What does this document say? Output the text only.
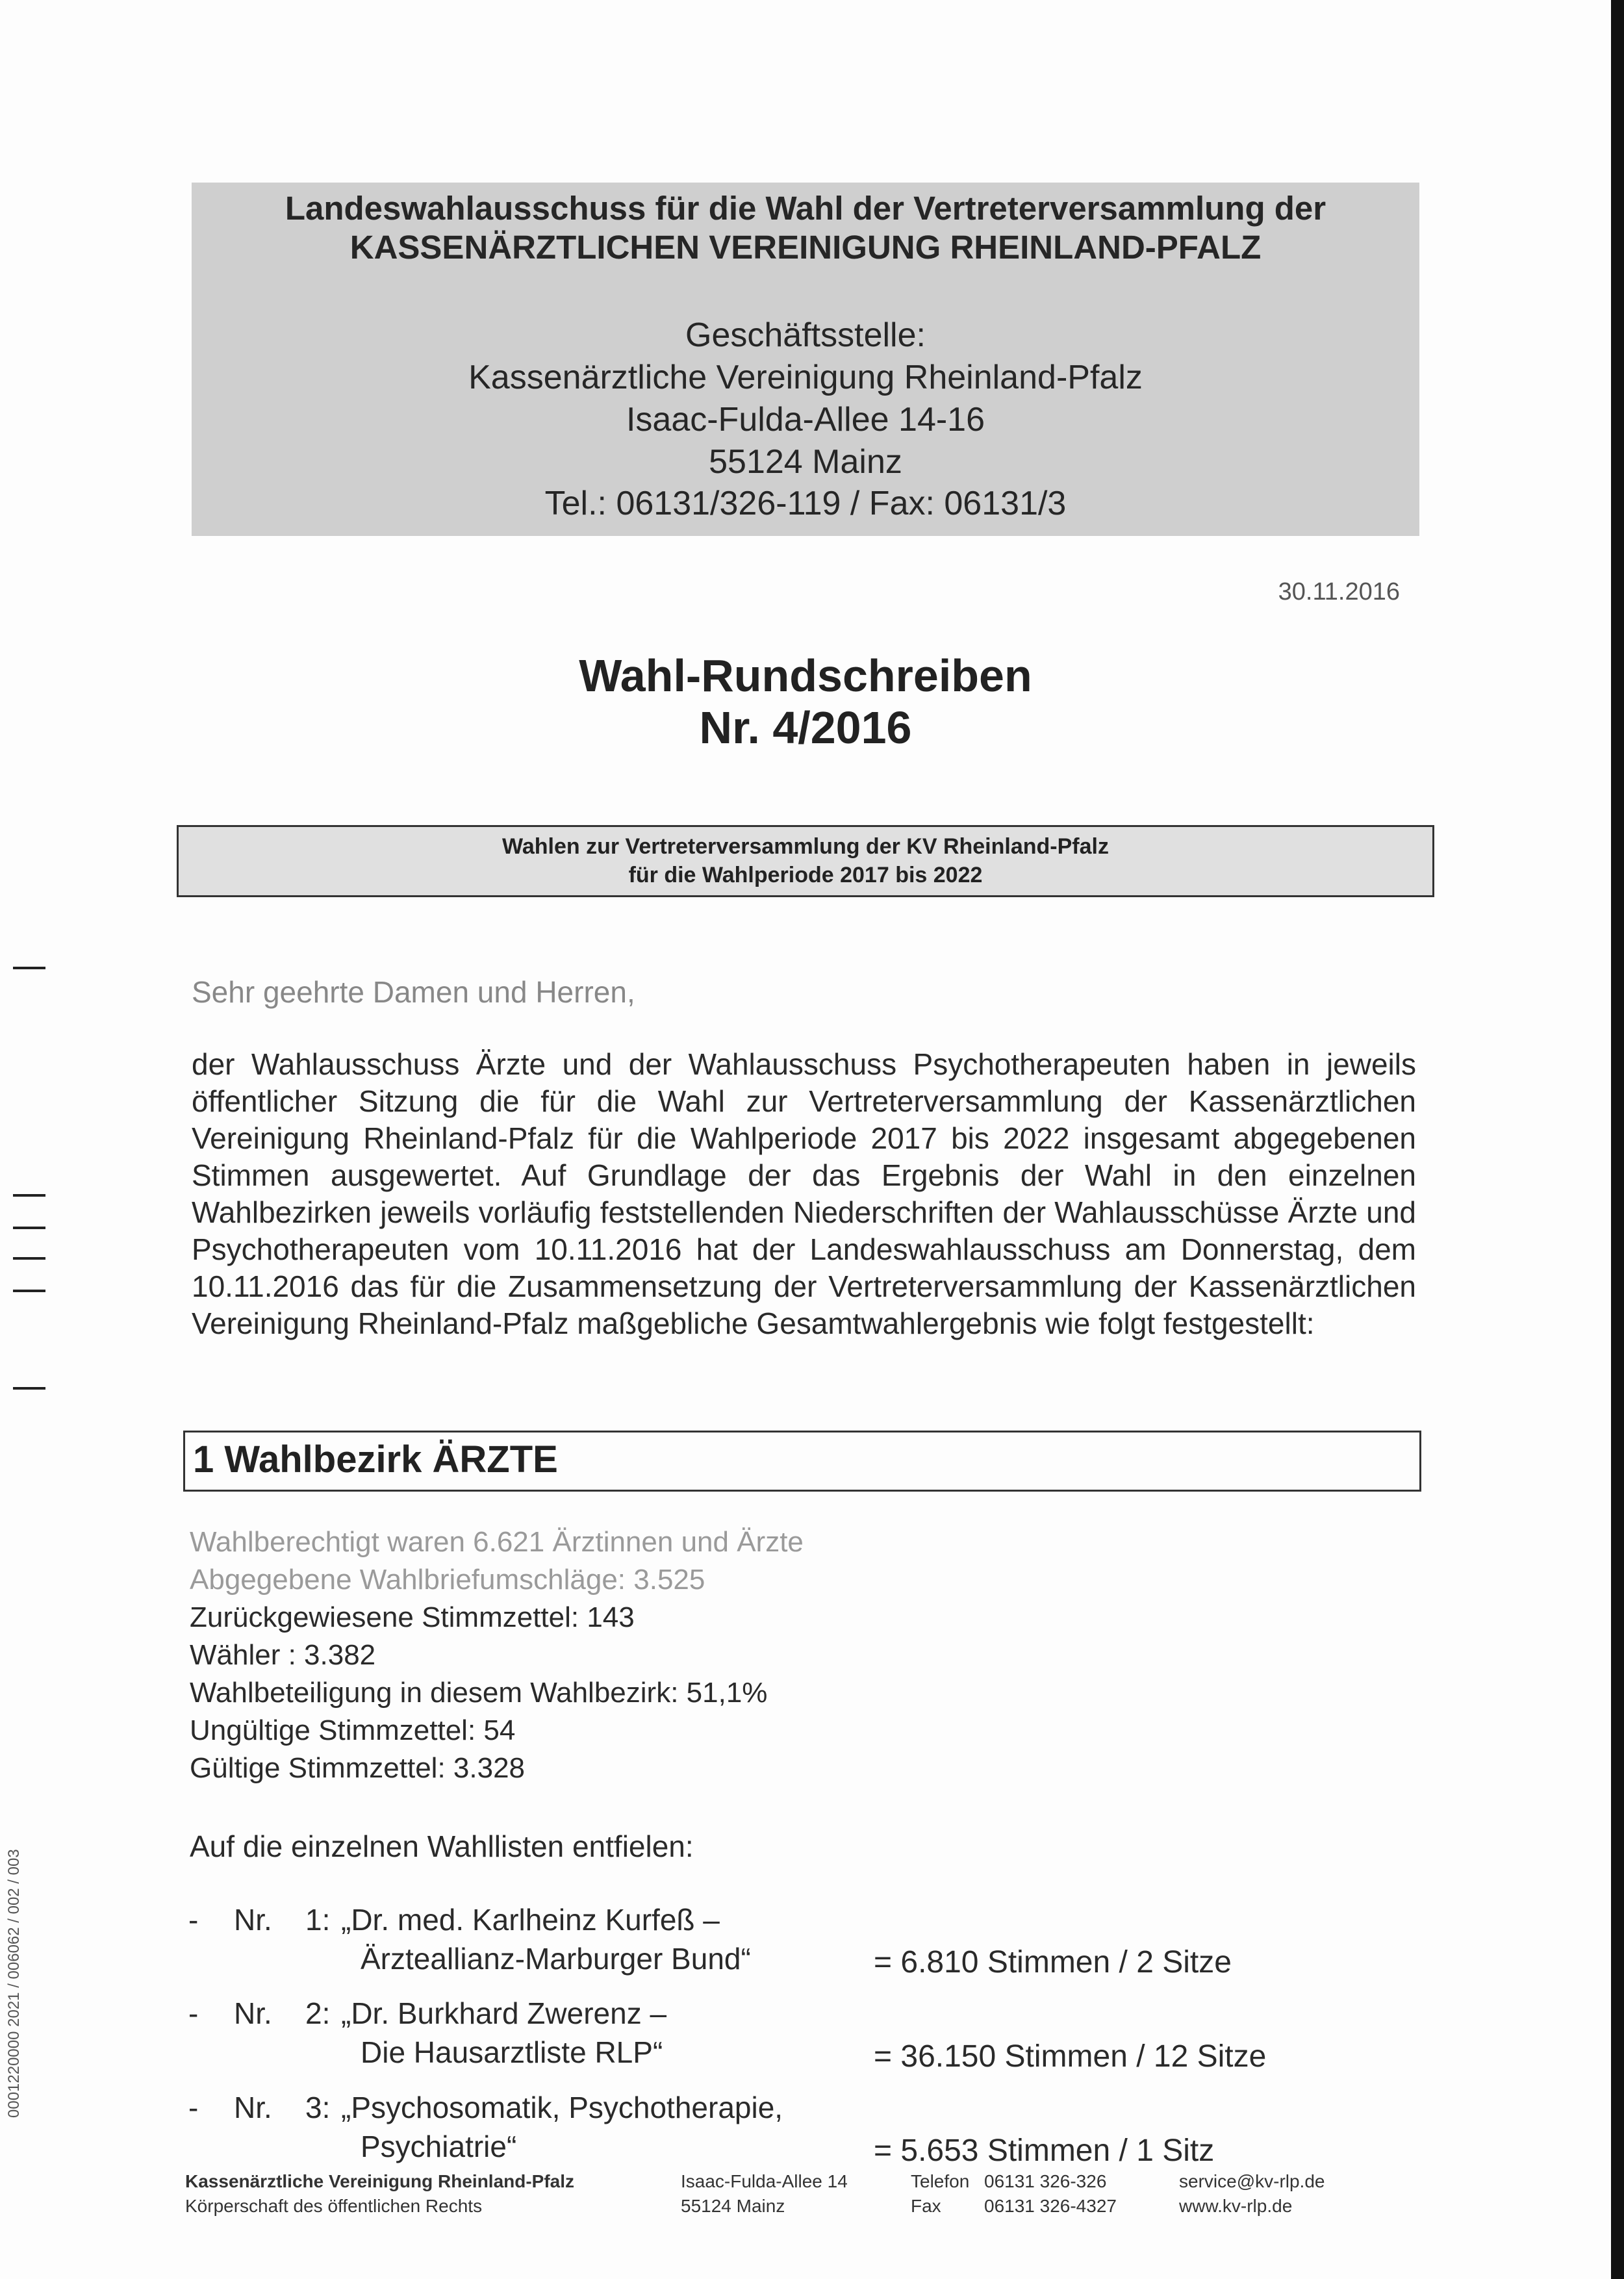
Landeswahlausschuss für die Wahl der Vertreterversammlung der
KASSENÄRZTLICHEN VEREINIGUNG RHEINLAND-PFALZ
Geschäftsstelle:
Kassenärztliche Vereinigung Rheinland-Pfalz
Isaac-Fulda-Allee 14-16
55124 Mainz
Tel.: 06131/326-119 / Fax: 06131/3
30.11.2016
Wahl-Rundschreiben
Nr. 4/2016
Wahlen zur Vertreterversammlung der KV Rheinland-Pfalz
für die Wahlperiode 2017 bis 2022
Sehr geehrte Damen und Herren,

der Wahlausschuss Ärzte und der Wahlausschuss Psychotherapeuten haben in jeweils öffentlicher Sitzung die für die Wahl zur Vertreterversammlung der Kassenärztlichen Vereinigung Rheinland-Pfalz für die Wahlperiode 2017 bis 2022 insgesamt abgegebenen Stimmen ausgewertet. Auf Grundlage der das Ergebnis der Wahl in den einzelnen Wahlbezirken jeweils vorläufig feststellenden Niederschriften der Wahlausschüsse Ärzte und Psychotherapeuten vom 10.11.2016 hat der Landeswahlausschuss am Donnerstag, dem 10.11.2016 das für die Zusammensetzung der Vertreterversammlung der Kassenärztlichen Vereinigung Rheinland-Pfalz maßgebliche Gesamtwahlergebnis wie folgt festgestellt:

1 Wahlbezirk ÄRZTE
Wahlberechtigt waren 6.621 Ärztinnen und Ärzte
Abgegebene Wahlbriefumschläge: 3.525
Zurückgewiesene Stimmzettel: 143
Wähler : 3.382
Wahlbeteiligung in diesem Wahlbezirk: 51,1%
Ungültige Stimmzettel: 54
Gültige Stimmzettel: 3.328
Auf die einzelnen Wahllisten entfielen:
- Nr. 1: „Dr. med. Karlheinz Kurfeß –
Ärzteallianz-Marburger Bund“	= 6.810 Stimmen / 2 Sitze
- Nr. 2: „Dr. Burkhard Zwerenz –
Die Hausarztliste RLP“	= 36.150 Stimmen / 12 Sitze
- Nr. 3: „Psychosomatik, Psychotherapie,
Psychiatrie“	= 5.653 Stimmen / 1 Sitz
Kassenärztliche Vereinigung Rheinland-Pfalz
Körperschaft des öffentlichen Rechts
Isaac-Fulda-Allee 14
55124 Mainz
Telefon 06131 326-326
Fax 06131 326-4327
service@kv-rlp.de
www.kv-rlp.de
0001220000 2021 / 006062 / 002 / 003
